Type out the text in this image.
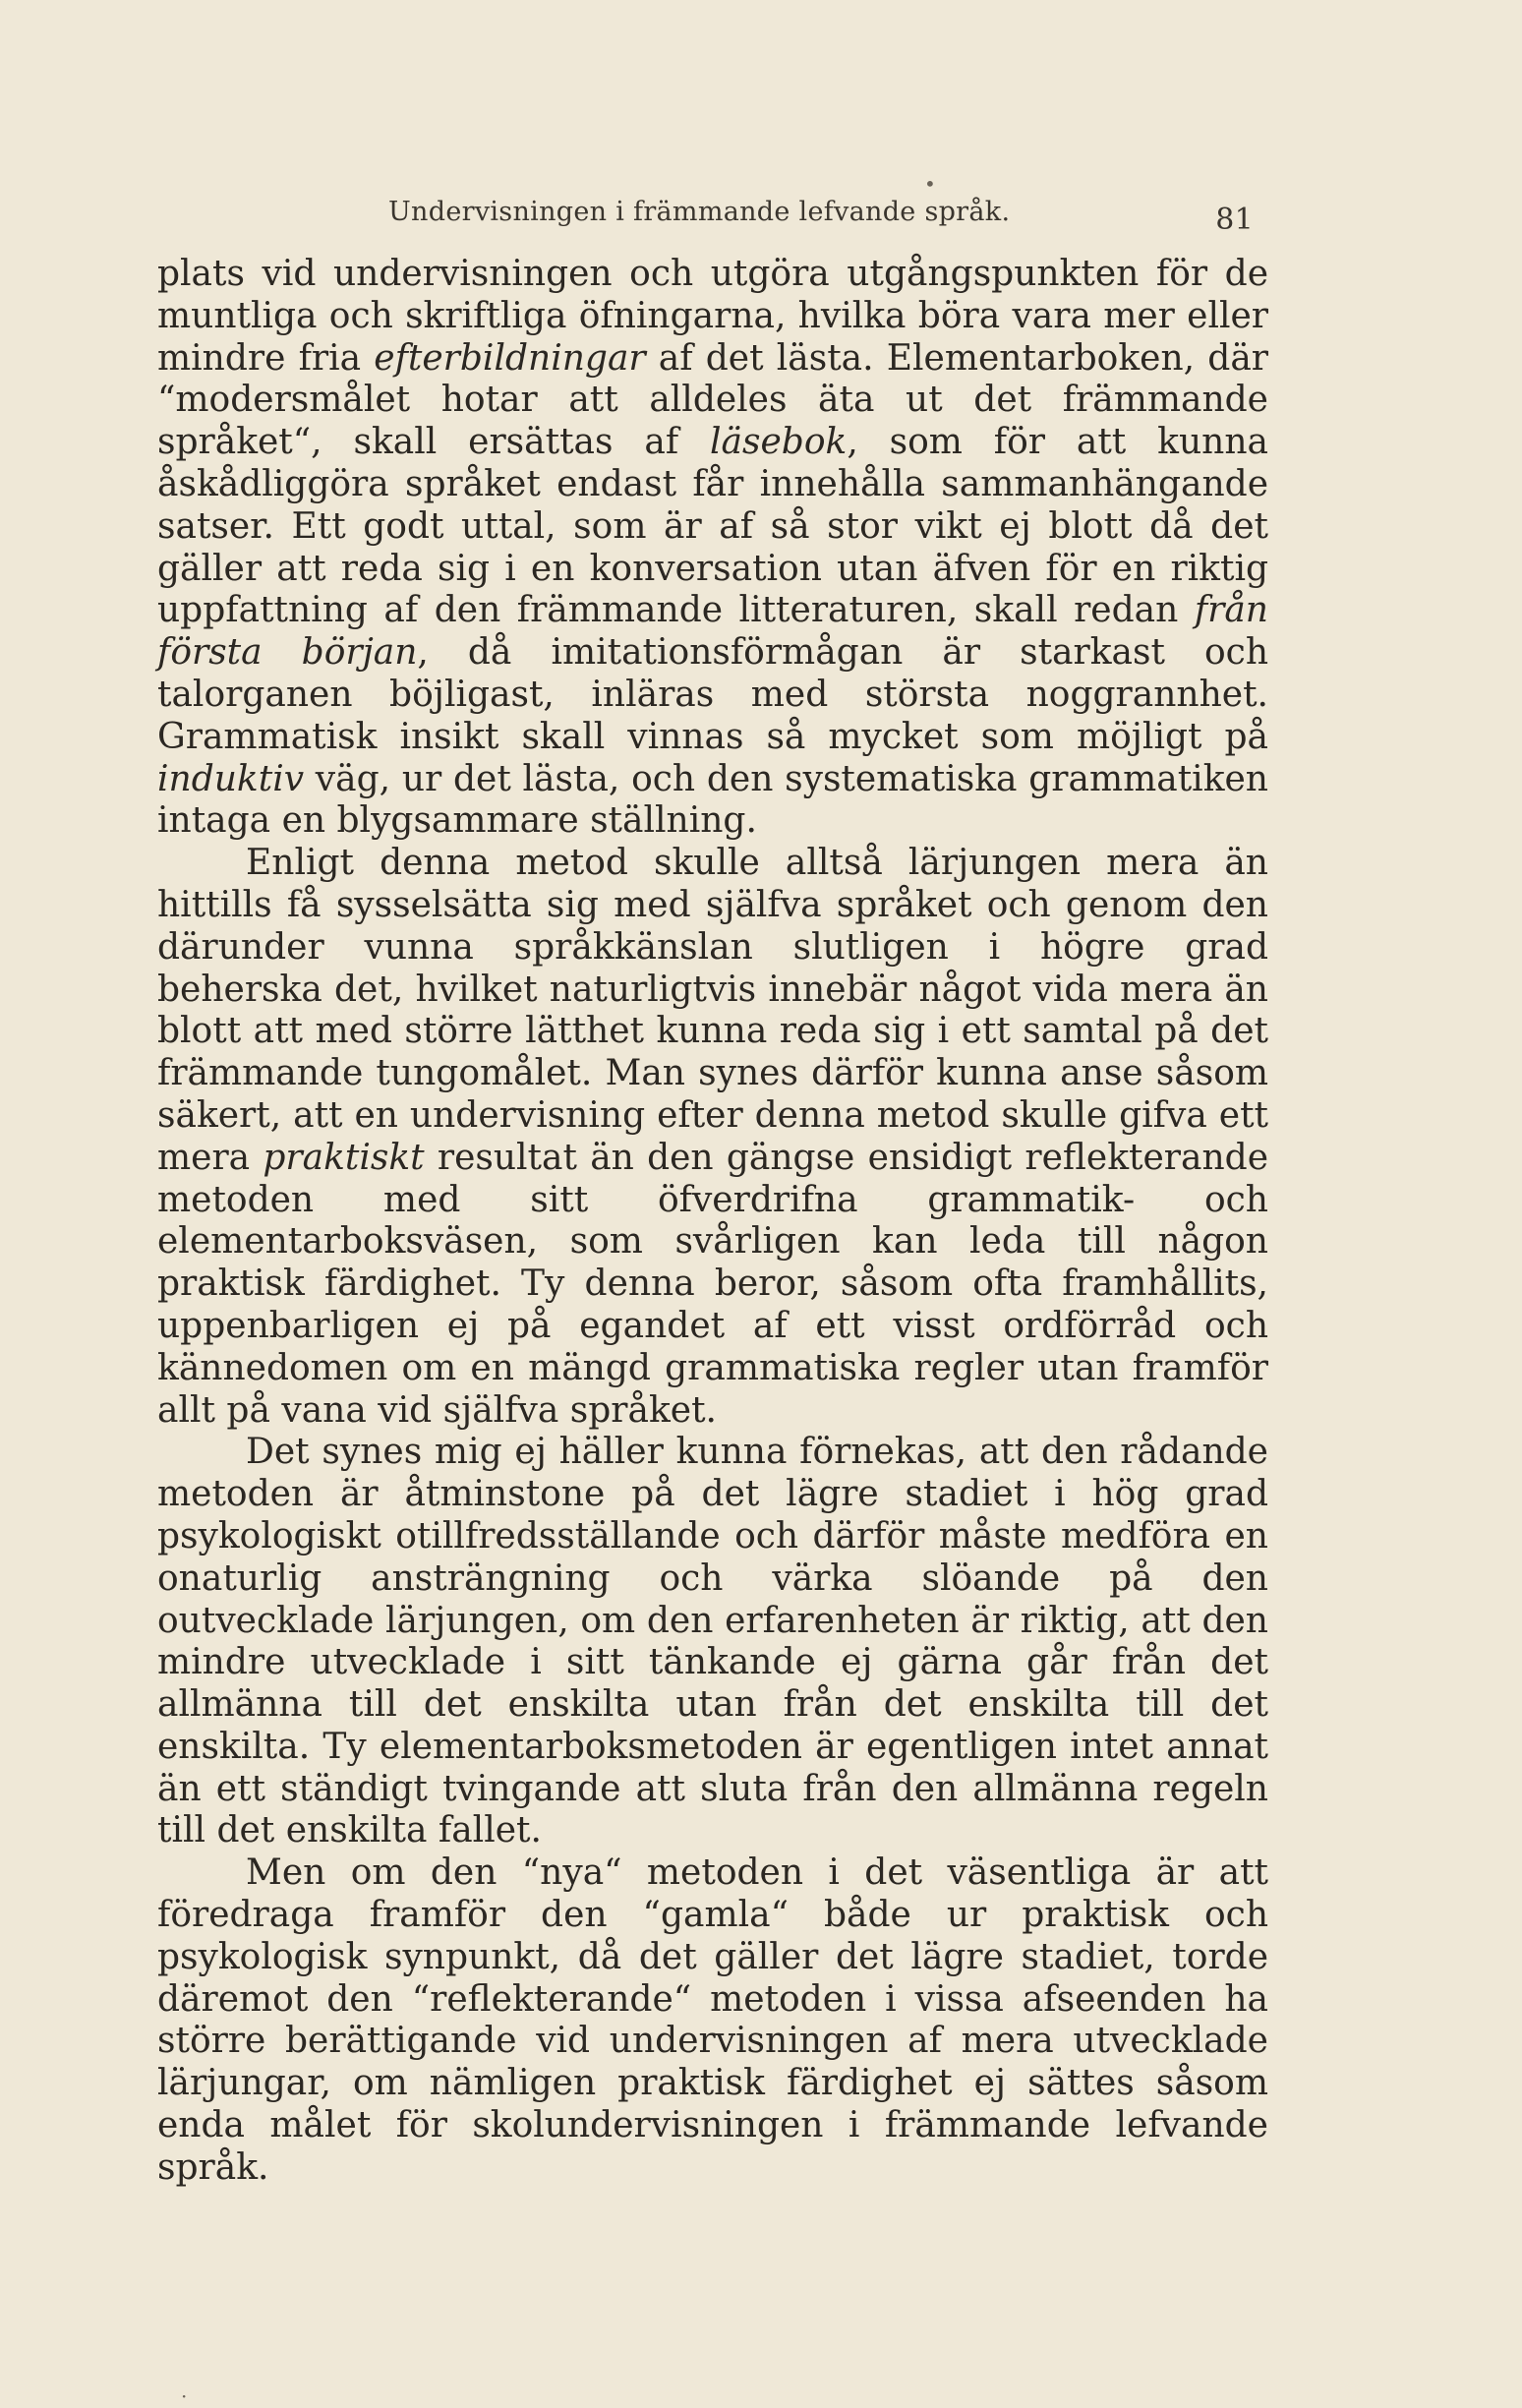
Undervisningen i främmande lefvande språk.	81

plats vid undervisningen och utgöra utgångspunkten för de muntliga och skriftliga öfningarna, hvilka böra vara mer eller mindre fria efterbildningar af det lästa. Elementarboken, där “modersmålet hotar att alldeles äta ut det främmande språket“, skall ersättas af läsebok, som för att kunna åskådliggöra språket endast får innehålla sammanhängande satser. Ett godt uttal, som är af så stor vikt ej blott då det gäller att reda sig i en konversation utan äfven för en riktig uppfattning af den främmande litteraturen, skall redan från första början, då imitationsförmågan är starkast och talorganen böjligast, inläras med största noggrannhet. Grammatisk insikt skall vinnas så mycket som möjligt på induktiv väg, ur det lästa, och den systematiska grammatiken intaga en blygsammare ställning.

Enligt denna metod skulle alltså lärjungen mera än hittills få sysselsätta sig med själfva språket och genom den därunder vunna språkkänslan slutligen i högre grad beherska det, hvilket naturligtvis innebär något vida mera än blott att med större lätthet kunna reda sig i ett samtal på det främmande tungomålet. Man synes därför kunna anse såsom säkert, att en undervisning efter denna metod skulle gifva ett mera praktiskt resultat än den gängse ensidigt reflekterande metoden med sitt öfverdrifna grammatik- och elementarboksväsen, som svårligen kan leda till någon praktisk färdighet. Ty denna beror, såsom ofta framhållits, uppenbarligen ej på egandet af ett visst ordförråd och kännedomen om en mängd grammatiska regler utan framför allt på vana vid själfva språket.

Det synes mig ej häller kunna förnekas, att den rådande metoden är åtminstone på det lägre stadiet i hög grad psykologiskt otillfredsställande och därför måste medföra en onaturlig ansträngning och värka slöande på den outvecklade lärjungen, om den erfarenheten är riktig, att den mindre utvecklade i sitt tänkande ej gärna går från det allmänna till det enskilta utan från det enskilta till det enskilta. Ty elementarboksmetoden är egentligen intet annat än ett ständigt tvingande att sluta från den allmänna regeln till det enskilta fallet.

Men om den “nya“ metoden i det väsentliga är att föredraga framför den “gamla“ både ur praktisk och psykologisk synpunkt, då det gäller det lägre stadiet, torde däremot den “reflekterande“ metoden i vissa afseenden ha större berättigande vid undervisningen af mera utvecklade lärjungar, om nämligen praktisk färdighet ej sättes såsom enda målet för skolundervisningen i främmande lefvande språk.

•
·
